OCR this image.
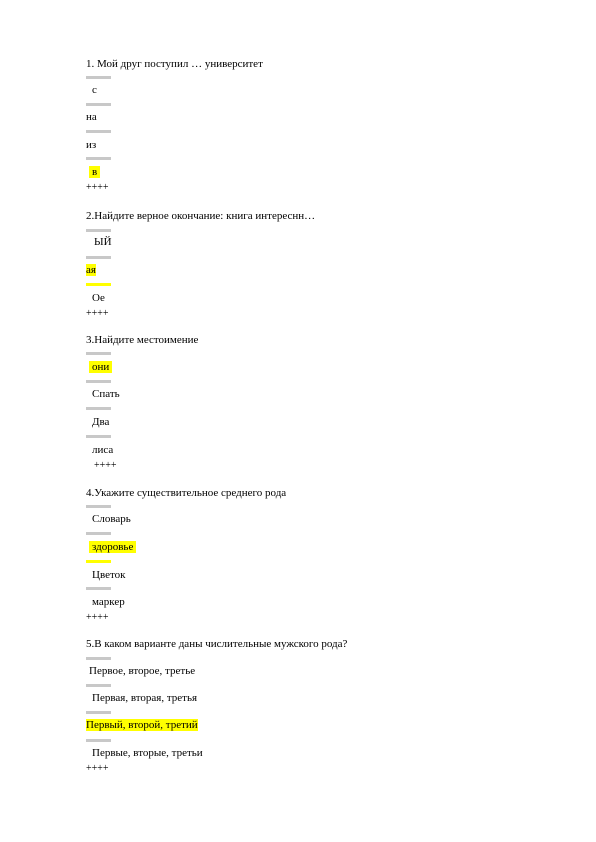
1. Мой друг поступил … университет
с
на
из
в
++++
2.Найдите верное окончание: книга интереснн…
ЫЙ
ая
Ое
++++
3.Найдите местоимение
они
Спать
Два
лиса
++++
4.Укажите существительное среднего рода
Словарь
здоровье
Цветок
маркер
++++
5.В каком варианте даны числительные мужского рода?
Первое, второе, третье
Первая, вторая, третья
Первый, второй, третий
Первые, вторые, третьи
++++
